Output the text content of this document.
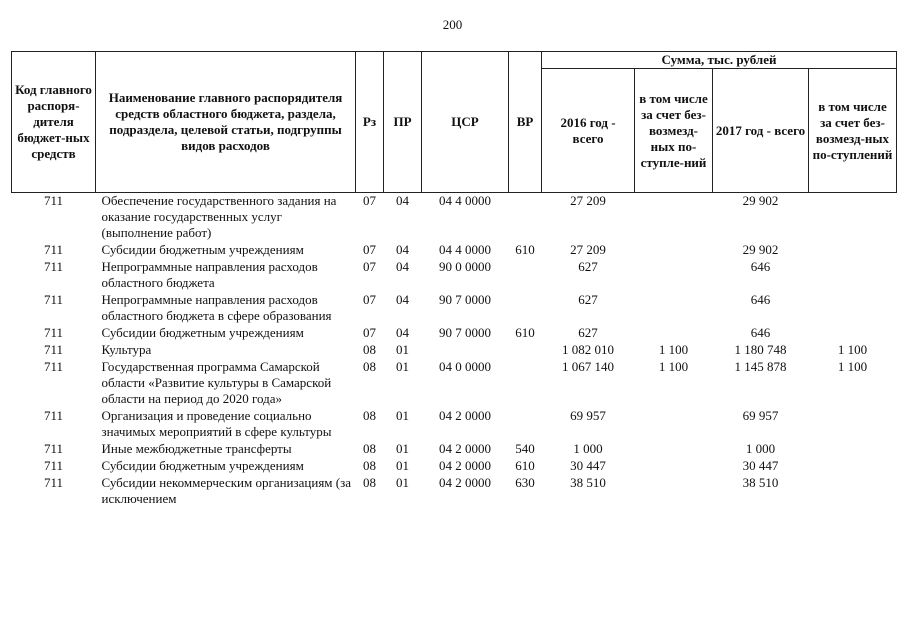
200
Код главного распоря-дителя бюджет-ных средств	Наименование главного распорядителя средств областного бюджета, раздела, подраздела, целевой статьи, подгруппы видов расходов	Рз	ПР	ЦСР	ВР	Сумма, тыс. рублей			
						2016 год - всего	в том числе за счет без-возмезд-ных по-ступле-ний	2017 год - всего	в том числе за счет без-возмезд-ных по-ступлений
711	Обеспечение государственного задания на оказание государственных услуг (выполнение работ)	07	04	04 4 0000		27 209		29 902	
711	Субсидии бюджетным учреждениям	07	04	04 4 0000	610	27 209		29 902	
711	Непрограммные направления расходов областного бюджета	07	04	90 0 0000		627		646	
711	Непрограммные направления расходов областного бюджета в сфере образования	07	04	90 7 0000		627		646	
711	Субсидии бюджетным учреждениям	07	04	90 7 0000	610	627		646	
711	Культура	08	01			1 082 010	1 100	1 180 748	1 100
711	Государственная программа Самарской области «Развитие культуры в Самарской области на период до 2020 года»	08	01	04 0 0000		1 067 140	1 100	1 145 878	1 100
711	Организация и проведение социально значимых мероприятий в сфере культуры	08	01	04 2 0000		69 957		69 957	
711	Иные межбюджетные трансферты	08	01	04 2 0000	540	1 000		1 000	
711	Субсидии бюджетным учреждениям	08	01	04 2 0000	610	30 447		30 447	
711	Субсидии некоммерческим организациям (за исключением	08	01	04 2 0000	630	38 510		38 510	
